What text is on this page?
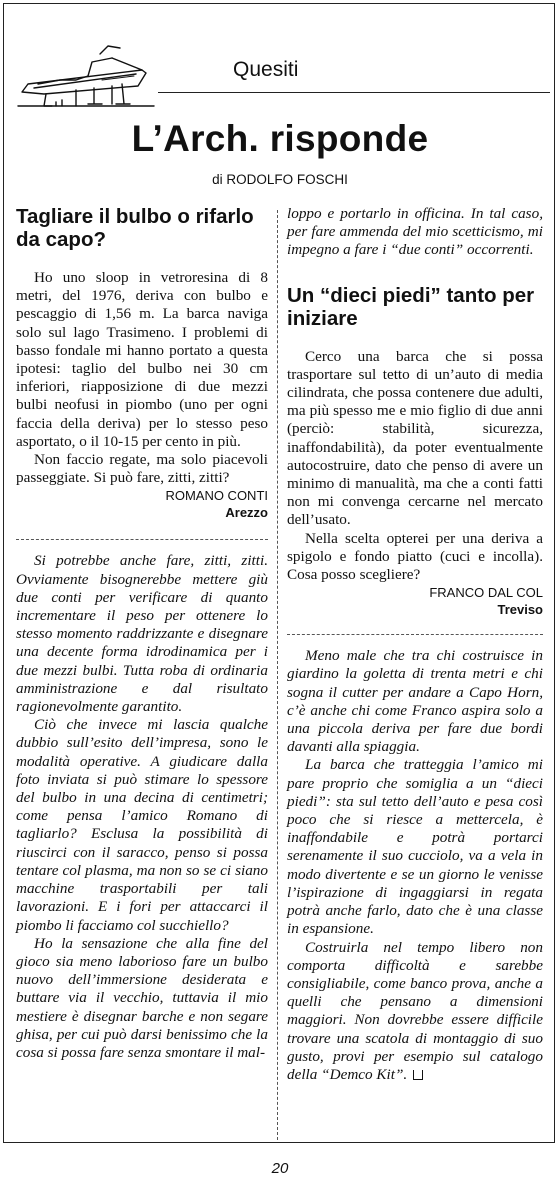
Quesiti
L’Arch. risponde
di RODOLFO FOSCHI
Tagliare il bulbo o rifarlo da capo?

Ho uno sloop in vetroresina di 8 metri, del 1976, deriva con bulbo e pescaggio di 1,56 m. La barca naviga solo sul lago Trasimeno. I problemi di basso fondale mi hanno portato a questa ipotesi: taglio del bulbo nei 30 cm inferiori, riapposizione di due mezzi bulbi neofusi in piombo (uno per ogni faccia della deriva) per lo stesso peso asportato, o il 10-15 per cento in più.

Non faccio regate, ma solo piacevoli passeggiate. Si può fare, zitti, zitti?

ROMANO CONTI
Arezzo

Si potrebbe anche fare, zitti, zitti. Ovviamente bisognerebbe mettere giù due conti per verificare di quanto incrementare il peso per ottenere lo stesso momento raddrizzante e disegnare una decente forma idrodinamica per i due mezzi bulbi. Tutta roba di ordinaria amministrazione e dal risultato ragionevolmente garantito.

Ciò che invece mi lascia qualche dubbio sull’esito dell’impresa, sono le modalità operative. A giudicare dalla foto inviata si può stimare lo spessore del bulbo in una decina di centimetri; come pensa l’amico Romano di tagliarlo? Esclusa la possibilità di riuscirci con il saracco, penso si possa tentare col plasma, ma non so se ci siano macchine trasportabili per tali lavorazioni. E i fori per attaccarci il piombo li facciamo col succhiello?

Ho la sensazione che alla fine del gioco sia meno laborioso fare un bulbo nuovo dell’immersione desiderata e buttare via il vecchio, tuttavia il mio mestiere è disegnar barche e non segare ghisa, per cui può darsi benissimo che la cosa si possa fare senza smontare il mal-

loppo e portarlo in officina. In tal caso, per fare ammenda del mio scetticismo, mi impegno a fare i “due conti” occorrenti.

Un “dieci piedi” tanto per iniziare

Cerco una barca che si possa trasportare sul tetto di un’auto di media cilindrata, che possa contenere due adulti, ma più spesso me e mio figlio di due anni (perciò: stabilità, sicurezza, inaffondabilità), da poter eventualmente autocostruire, dato che penso di avere un minimo di manualità, ma che a conti fatti non mi convenga cercarne nel mercato dell’usato.

Nella scelta opterei per una deriva a spigolo e fondo piatto (cuci e incolla). Cosa posso scegliere?

FRANCO DAL COL
Treviso

Meno male che tra chi costruisce in giardino la goletta di trenta metri e chi sogna il cutter per andare a Capo Horn, c’è anche chi come Franco aspira solo a una piccola deriva per fare due bordi davanti alla spiaggia.

La barca che tratteggia l’amico mi pare proprio che somiglia a un “dieci piedi”: sta sul tetto dell’auto e pesa così poco che si riesce a mettercela, è inaffondabile e potrà portarci serenamente il suo cucciolo, va a vela in modo divertente e se un giorno le venisse l’ispirazione di ingaggiarsi in regata potrà anche farlo, dato che è una classe in espansione.

Costruirla nel tempo libero non comporta difficoltà e sarebbe consigliabile, come banco prova, anche a quelli che pensano a dimensioni maggiori. Non dovrebbe essere difficile trovare una scatola di montaggio di suo gusto, provi per esempio sul catalogo della “Demco Kit”.

20
